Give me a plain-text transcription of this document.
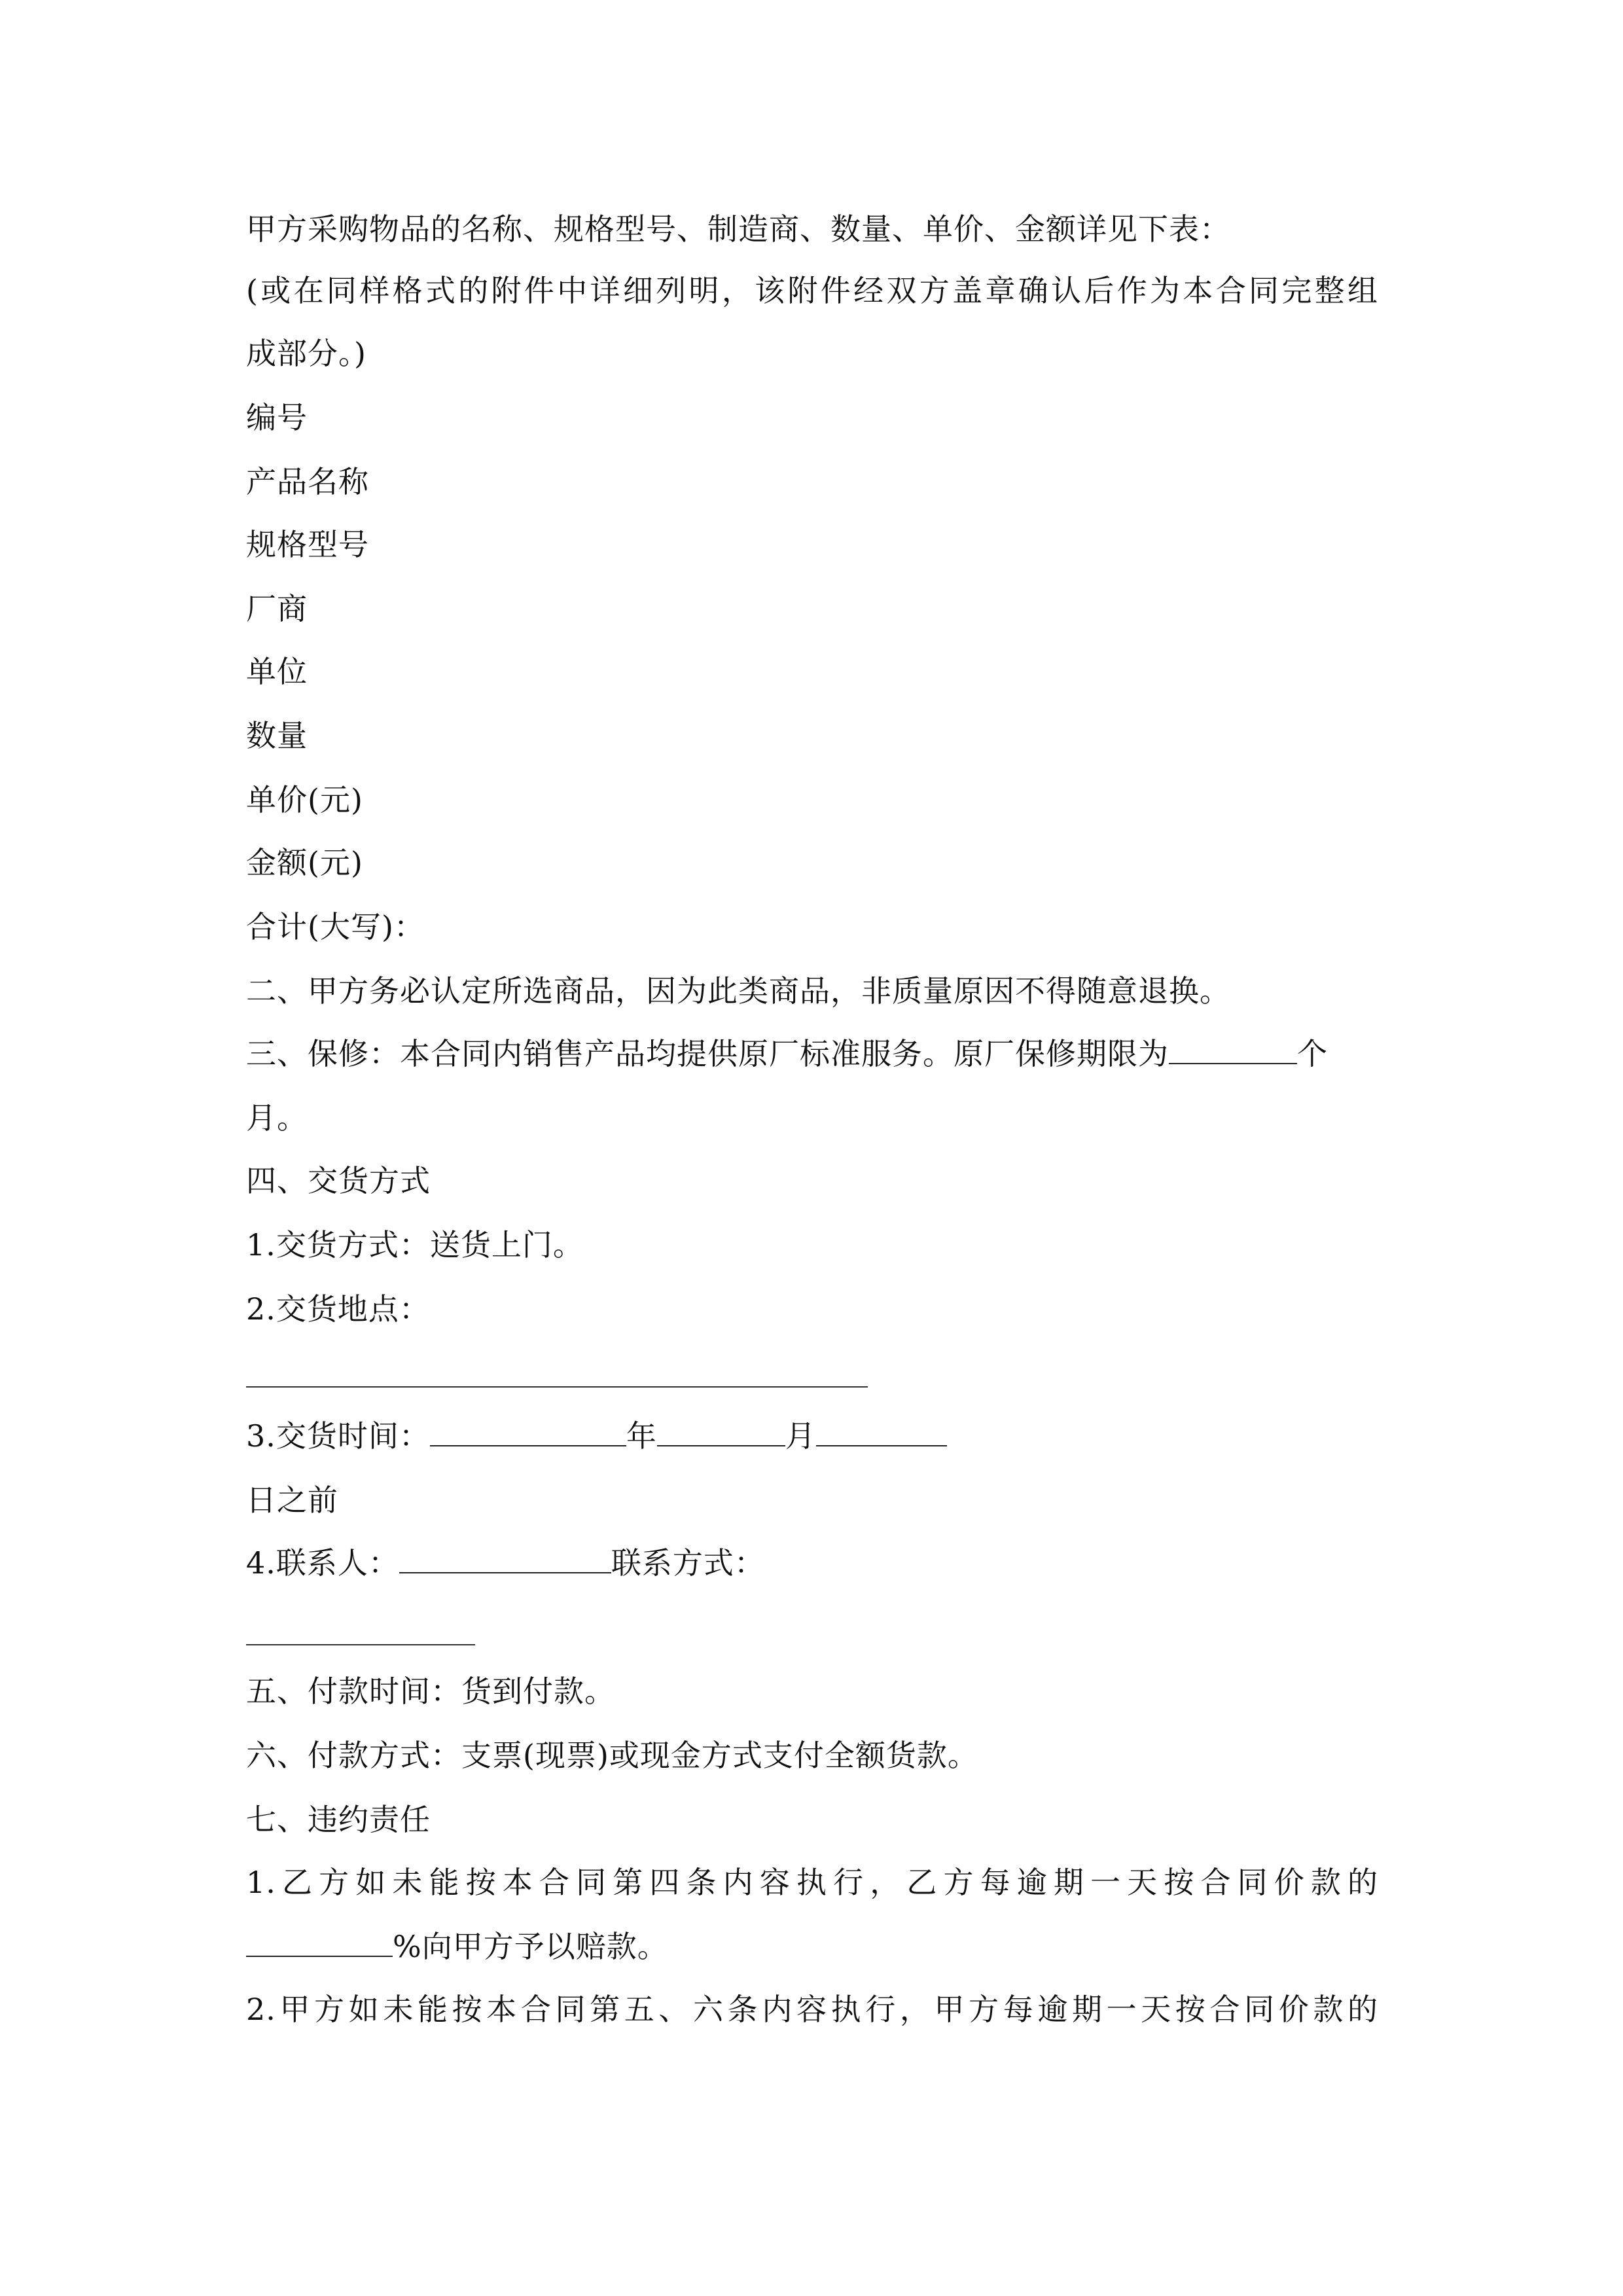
甲方采购物品的名称、规格型号、制造商、数量、单价、金额详见下表：
(或在同样格式的附件中详细列明，该附件经双方盖章确认后作为本合同完整组
成部分。)
编号
产品名称
规格型号
厂商
单位
数量
单价(元)
金额(元)
合计(大写)：
二、甲方务必认定所选商品，因为此类商品，非质量原因不得随意退换。
三、保修：本合同内销售产品均提供原厂标准服务。原厂保修期限为	个
月。
四、交货方式
1.交货方式：送货上门。
2.交货地点：
3.交货时间：	年	月
日之前
4.联系人：	联系方式：
五、付款时间：货到付款。
六、付款方式：支票(现票)或现金方式支付全额货款。
七、违约责任
1.乙方如未能按本合同第四条内容执行，乙方每逾期一天按合同价款的
%向甲方予以赔款。
2.甲方如未能按本合同第五、六条内容执行，甲方每逾期一天按合同价款的
